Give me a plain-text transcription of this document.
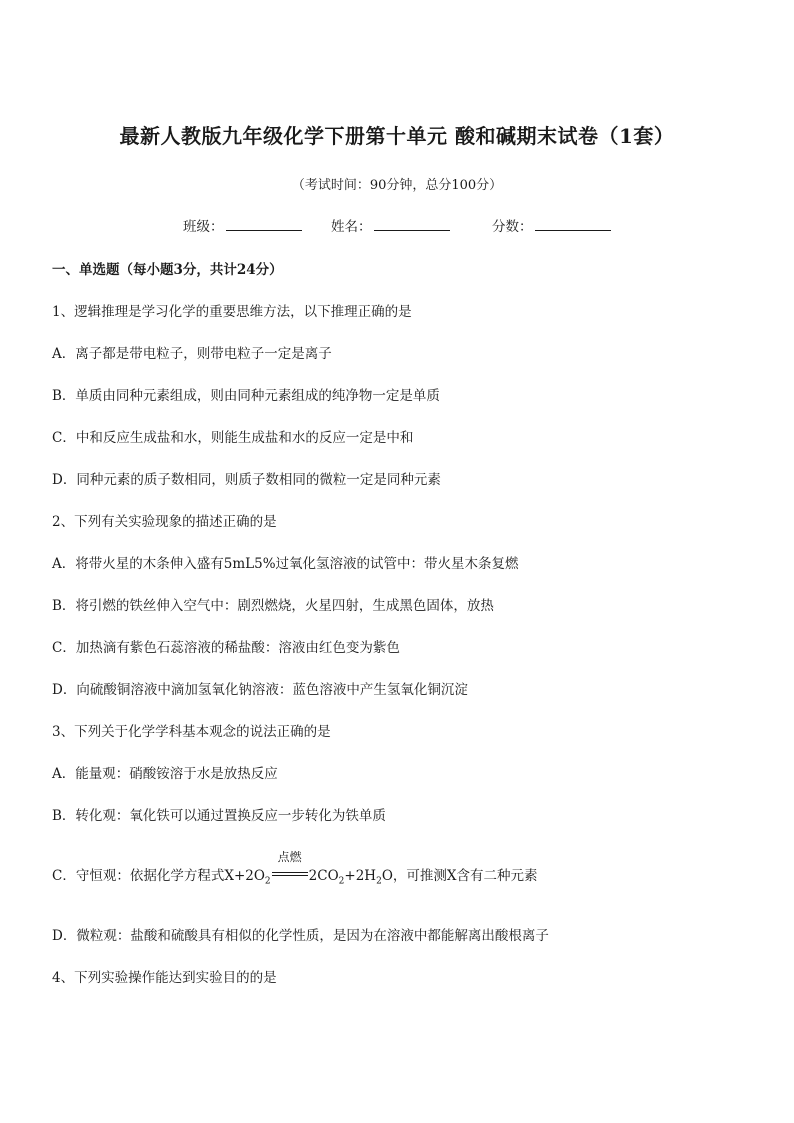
最新人教版九年级化学下册第十单元 酸和碱期末试卷（1套）
（考试时间：90分钟，总分100分）
班级：	姓名：	分数：
一、单选题（每小题3分，共计24分）
1、逻辑推理是学习化学的重要思维方法，以下推理正确的是
A．离子都是带电粒子，则带电粒子一定是离子
B．单质由同种元素组成，则由同种元素组成的纯净物一定是单质
C．中和反应生成盐和水，则能生成盐和水的反应一定是中和
D．同种元素的质子数相同，则质子数相同的微粒一定是同种元素
2、下列有关实验现象的描述正确的是
A．将带火星的木条伸入盛有5mL5%过氧化氢溶液的试管中：带火星木条复燃
B．将引燃的铁丝伸入空气中：剧烈燃烧，火星四射，生成黑色固体，放热
C．加热滴有紫色石蕊溶液的稀盐酸：溶液由红色变为紫色
D．向硫酸铜溶液中滴加氢氧化钠溶液：蓝色溶液中产生氢氧化铜沉淀
3、下列关于化学学科基本观念的说法正确的是
A．能量观：硝酸铵溶于水是放热反应
B．转化观：氧化铁可以通过置换反应一步转化为铁单质
C．守恒观：依据化学方程式$X+2O_2$
点燃
$2CO_2+2H_2O$，可推测X含有二种元素
D．微粒观：盐酸和硫酸具有相似的化学性质，是因为在溶液中都能解离出酸根离子
4、下列实验操作能达到实验目的的是
